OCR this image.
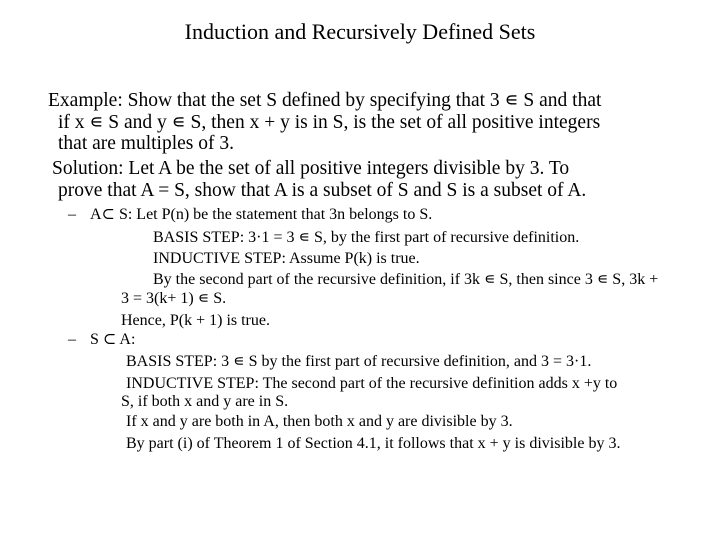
Induction and Recursively Defined Sets
Example: Show that the set S defined by specifying that 3 ∊ S and that
if x ∊ S and y ∊ S, then x + y is in S, is the set of all positive integers
that are multiples of 3.
Solution: Let A be the set of all positive integers divisible by 3. To
prove that A = S, show that A is a subset of S and S is a subset of A.
– A⊂ S: Let P(n) be the statement that 3n belongs to S.
BASIS STEP: 3·1 = 3 ∊ S, by the first part of recursive definition.
INDUCTIVE STEP: Assume P(k) is true.
By the second part of the recursive definition, if 3k ∊ S, then since 3 ∊ S, 3k +
3 = 3(k+ 1) ∊ S.
Hence, P(k + 1) is true.
– S ⊂ A:
BASIS STEP: 3 ∊ S by the first part of recursive definition, and 3 = 3·1.
INDUCTIVE STEP: The second part of the recursive definition adds x +y to
S, if both x and y are in S.
If x and y are both in A, then both x and y are divisible by 3.
By part (i) of Theorem 1 of Section 4.1, it follows that x + y is divisible by 3.
